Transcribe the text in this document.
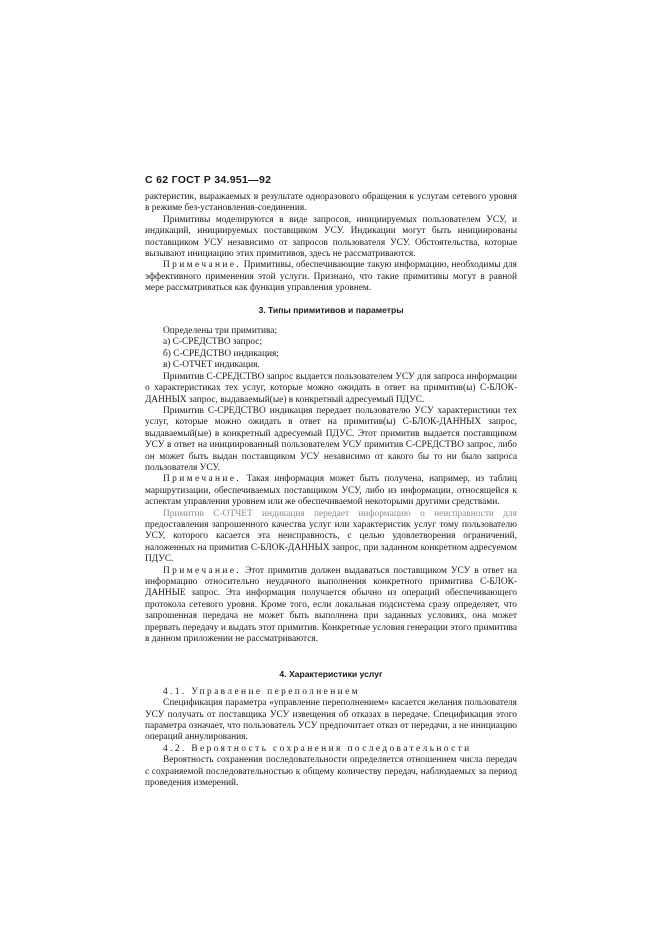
С 62 ГОСТ Р 34.951—92

рактеристик, выражаемых в результате одноразового обращения к услугам сетевого уровня в режиме без-установления-соединения.

Примитивы моделируются в виде запросов, инициируемых пользователем УСУ, и индикаций, инициируемых поставщиком УСУ. Индикации могут быть инициированы поставщиком УСУ независимо от запросов пользователя УСУ. Обстоятельства, которые вызывают инициацию этих примитивов, здесь не рассматриваются.

Примечание. Примитивы, обеспечивающие такую информацию, необходимы для эффективного применения этой услуги. Признано, что такие примитивы могут в равной мере рассматриваться как функция управления уровнем.

3. Типы примитивов и параметры

Определены три примитива;

а) С-СРЕДСТВО запрос;

б) С-СРЕДСТВО индикация;

в) С-ОТЧЕТ индикация.

Примитив С-СРЕДСТВО запрос выдается пользователем УСУ для запроса информации о характеристиках тех услуг, которые можно ожидать в ответ на примитив(ы) С-БЛОК-ДАННЫХ запрос, выдаваемый(ые) в конкретный адресуемый ПДУС.

Примитив С-СРЕДСТВО индикация передает пользователю УСУ характеристики тех услуг, которые можно ожидать в ответ на примитив(ы) С-БЛОК-ДАННЫХ запрос, выдаваемый(ые) в конкретный адресуемый ПДУС. Этот примитив выдается поставщиком УСУ в ответ на инициированный пользователем УСУ примитив С-СРЕДСТВО запрос, либо он может быть выдан поставщиком УСУ независимо от какого бы то ни было запроса пользователя УСУ.

Примечание. Такая информация может быть получена, например, из таблиц маршрутизации, обеспечиваемых поставщиком УСУ, либо из информации, относящейся к аспектам управления уровнем или же обеспечиваемой некоторыми другими средствами.

Примитив С-ОТЧЕТ индикация передает информацию о неисправности для предоставления запрошенного качества услуг или характеристик услуг тому пользователю УСУ, которого касается эта неисправность, с целью удовлетворения ограничений, наложенных на примитив С-БЛОК-ДАННЫХ запрос, при заданном конкретном адресуемом ПДУС.

Примечание. Этот примитив должен выдаваться поставщиком УСУ в ответ на информацию относительно неудачного выполнения конкретного примитива С-БЛОК-ДАННЫЕ запрос. Эта информация получается обычно из операций обеспечивающего протокола сетевого уровня. Кроме того, если локальная подсистема сразу определяет, что запрошенная передача не может быть выполнена при заданных условиях, она может прервать передачу и выдать этот примитив. Конкретные условия генерации этого примитива в данном приложении не рассматриваются.

4. Характеристики услуг

4.1. Управление переполнением

Спецификация параметра «управление переполнением» касается желания пользователя УСУ получать от поставщика УСУ извещения об отказах в передаче. Спецификация этого параметра означает, что пользователь УСУ предпочитает отказ от передачи, а не инициацию операций аннулирования.

4.2. Вероятность сохранения последовательности

Вероятность сохранения последовательности определяется отношением числа передач с сохраняемой последовательностью к общему количеству передач, наблюдаемых за период проведения измерений.
